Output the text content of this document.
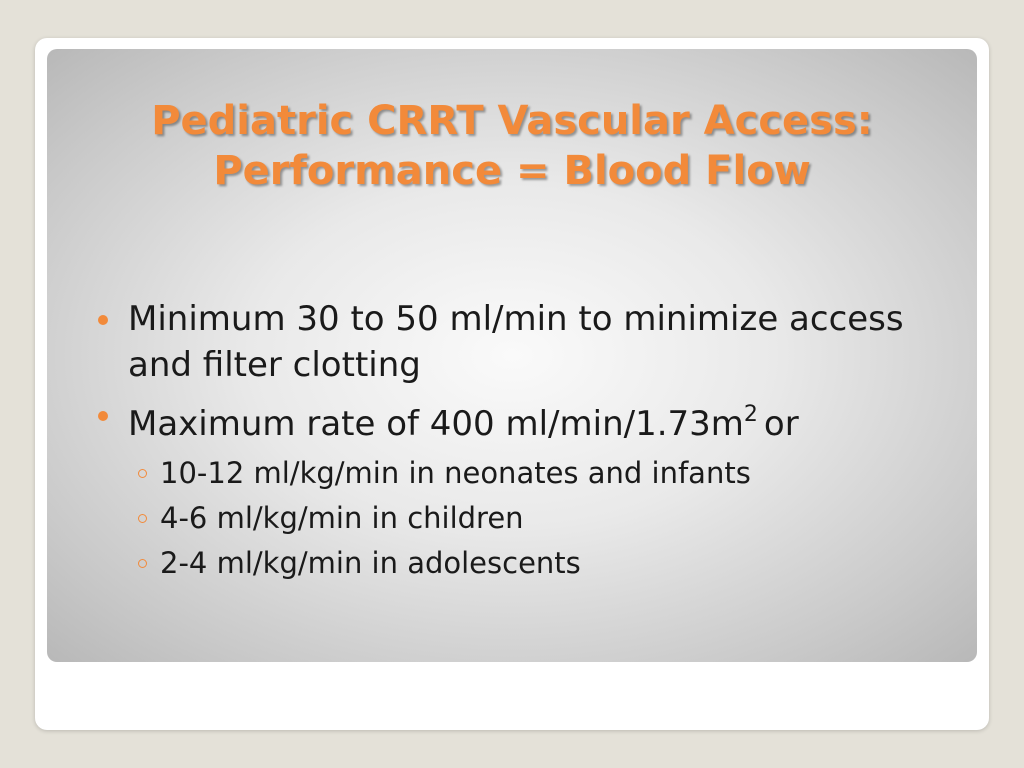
Pediatric CRRT Vascular Access:
Performance = Blood Flow
Minimum 30 to 50 ml/min to minimize access and filter clotting
Maximum rate of 400 $ml/\min/1.73m^2$ or
10-12 ml/kg/min in neonates and infants
4-6 ml/kg/min in children
2-4 ml/kg/min in adolescents
